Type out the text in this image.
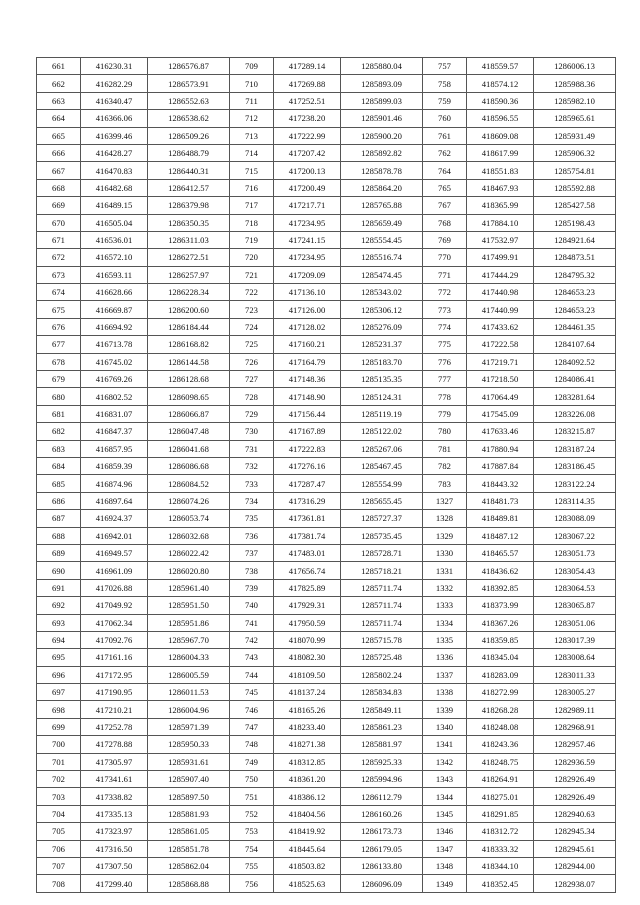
661	416230.31	1286576.87	709	417289.14	1285880.04	757	418559.57	1286006.13
662	416282.29	1286573.91	710	417269.88	1285893.09	758	418574.12	1285988.36
663	416340.47	1286552.63	711	417252.51	1285899.03	759	418590.36	1285982.10
664	416366.06	1286538.62	712	417238.20	1285901.46	760	418596.55	1285965.61
665	416399.46	1286509.26	713	417222.99	1285900.20	761	418609.08	1285931.49
666	416428.27	1286488.79	714	417207.42	1285892.82	762	418617.99	1285906.32
667	416470.83	1286440.31	715	417200.13	1285878.78	764	418551.83	1285754.81
668	416482.68	1286412.57	716	417200.49	1285864.20	765	418467.93	1285592.88
669	416489.15	1286379.98	717	417217.71	1285765.88	767	418365.99	1285427.58
670	416505.04	1286350.35	718	417234.95	1285659.49	768	417884.10	1285198.43
671	416536.01	1286311.03	719	417241.15	1285554.45	769	417532.97	1284921.64
672	416572.10	1286272.51	720	417234.95	1285516.74	770	417499.91	1284873.51
673	416593.11	1286257.97	721	417209.09	1285474.45	771	417444.29	1284795.32
674	416628.66	1286228.34	722	417136.10	1285343.02	772	417440.98	1284653.23
675	416669.87	1286200.60	723	417126.00	1285306.12	773	417440.99	1284653.23
676	416694.92	1286184.44	724	417128.02	1285276.09	774	417433.62	1284461.35
677	416713.78	1286168.82	725	417160.21	1285231.37	775	417222.58	1284107.64
678	416745.02	1286144.58	726	417164.79	1285183.70	776	417219.71	1284092.52
679	416769.26	1286128.68	727	417148.36	1285135.35	777	417218.50	1284086.41
680	416802.52	1286098.65	728	417148.90	1285124.31	778	417064.49	1283281.64
681	416831.07	1286066.87	729	417156.44	1285119.19	779	417545.09	1283226.08
682	416847.37	1286047.48	730	417167.89	1285122.02	780	417633.46	1283215.87
683	416857.95	1286041.68	731	417222.83	1285267.06	781	417880.94	1283187.24
684	416859.39	1286086.68	732	417276.16	1285467.45	782	417887.84	1283186.45
685	416874.96	1286084.52	733	417287.47	1285554.99	783	418443.32	1283122.24
686	416897.64	1286074.26	734	417316.29	1285655.45	1327	418481.73	1283114.35
687	416924.37	1286053.74	735	417361.81	1285727.37	1328	418489.81	1283088.09
688	416942.01	1286032.68	736	417381.74	1285735.45	1329	418487.12	1283067.22
689	416949.57	1286022.42	737	417483.01	1285728.71	1330	418465.57	1283051.73
690	416961.09	1286020.80	738	417656.74	1285718.21	1331	418436.62	1283054.43
691	417026.88	1285961.40	739	417825.89	1285711.74	1332	418392.85	1283064.53
692	417049.92	1285951.50	740	417929.31	1285711.74	1333	418373.99	1283065.87
693	417062.34	1285951.86	741	417950.59	1285711.74	1334	418367.26	1283051.06
694	417092.76	1285967.70	742	418070.99	1285715.78	1335	418359.85	1283017.39
695	417161.16	1286004.33	743	418082.30	1285725.48	1336	418345.04	1283008.64
696	417172.95	1286005.59	744	418109.50	1285802.24	1337	418283.09	1283011.33
697	417190.95	1286011.53	745	418137.24	1285834.83	1338	418272.99	1283005.27
698	417210.21	1286004.96	746	418165.26	1285849.11	1339	418268.28	1282989.11
699	417252.78	1285971.39	747	418233.40	1285861.23	1340	418248.08	1282968.91
700	417278.88	1285950.33	748	418271.38	1285881.97	1341	418243.36	1282957.46
701	417305.97	1285931.61	749	418312.85	1285925.33	1342	418248.75	1282936.59
702	417341.61	1285907.40	750	418361.20	1285994.96	1343	418264.91	1282926.49
703	417338.82	1285897.50	751	418386.12	1286112.79	1344	418275.01	1282926.49
704	417335.13	1285881.93	752	418404.56	1286160.26	1345	418291.85	1282940.63
705	417323.97	1285861.05	753	418419.92	1286173.73	1346	418312.72	1282945.34
706	417316.50	1285851.78	754	418445.64	1286179.05	1347	418333.32	1282945.61
707	417307.50	1285862.04	755	418503.82	1286133.80	1348	418344.10	1282944.00
708	417299.40	1285868.88	756	418525.63	1286096.09	1349	418352.45	1282938.07
